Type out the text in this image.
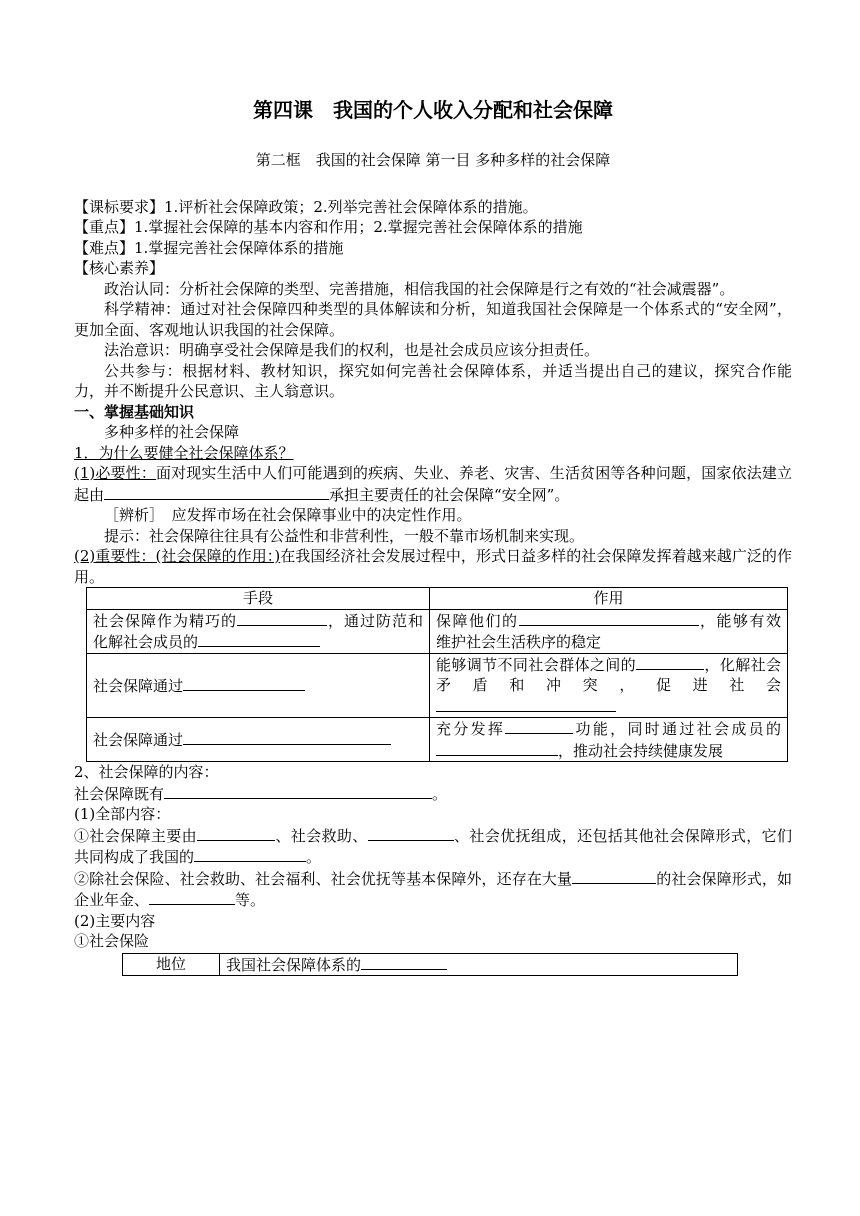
第四课　我国的个人收入分配和社会保障

第二框　我国的社会保障 第一目 多种多样的社会保障

【课标要求】1.评析社会保障政策；2.列举完善社会保障体系的措施。

【重点】1.掌握社会保障的基本内容和作用；2.掌握完善社会保障体系的措施

【难点】1.掌握完善社会保障体系的措施

【核心素养】

政治认同：分析社会保障的类型、完善措施，相信我国的社会保障是行之有效的“社会减震器”。

科学精神：通过对社会保障四种类型的具体解读和分析，知道我国社会保障是一个体系式的“安全网”，更加全面、客观地认识我国的社会保障。

法治意识：明确享受社会保障是我们的权利，也是社会成员应该分担责任。

公共参与：根据材料、教材知识，探究如何完善社会保障体系，并适当提出自己的建议，探究合作能力，并不断提升公民意识、主人翁意识。

一、掌握基础知识

多种多样的社会保障

1．为什么要健全社会保障体系？

(1)必要性：面对现实生活中人们可能遇到的疾病、失业、养老、灾害、生活贫困等各种问题，国家依法建立起由	承担主要责任的社会保障“安全网”。

［辨析］　应发挥市场在社会保障事业中的决定性作用。

提示：社会保障往往具有公益性和非营利性，一般不靠市场机制来实现。

(2)重要性：(社会保障的作用：)在我国经济社会发展过程中，形式日益多样的社会保障发挥着越来越广泛的作用。

手段	作用
社会保障作为精巧的 ，通过防范和化解社会成员的	保障他们的 ，能够有效维护社会生活秩序的稳定
社会保障通过	能够调节不同社会群体之间的 ，化解社会矛盾和冲突，促进社会

社会保障通过	充分发挥 功能，同时通过社会成员的，推动社会持续健康发展

2、社会保障的内容：

社会保障既有	。

(1)全部内容：

①社会保障主要由	、社会救助、	、社会优抚组成，还包括其他社会保障形式，它们共同构成了我国的	。

②除社会保险、社会救助、社会福利、社会优抚等基本保障外，还存在大量	的社会保障形式，如企业年金、	等。

(2)主要内容

①社会保险

地位	我国社会保障体系的
